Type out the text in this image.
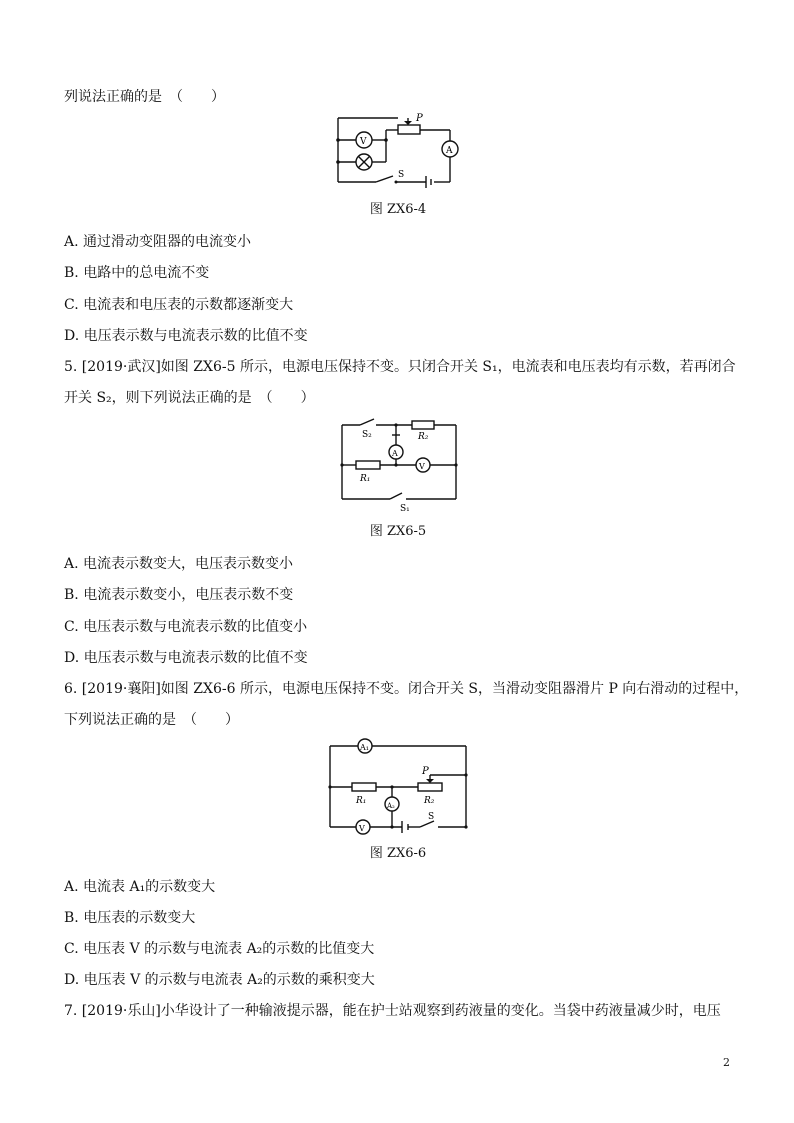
列说法正确的是　（　　）
P
V
A
S
图 ZX6-4
A. 通过滑动变阻器的电流变小
B. 电路中的总电流不变
C. 电流表和电压表的示数都逐渐变大
D. 电压表示数与电流表示数的比值不变
5. [2019·武汉]如图 ZX6-5 所示，电源电压保持不变。只闭合开关 S₁，电流表和电压表均有示数，若再闭合
开关 S₂，则下列说法正确的是　（　　）
S₂	R₂
A
V
R₁
S₁
图 ZX6-5
A. 电流表示数变大，电压表示数变小
B. 电流表示数变小，电压表示数不变
C. 电压表示数与电流表示数的比值变小
D. 电压表示数与电流表示数的比值不变
6. [2019·襄阳]如图 ZX6-6 所示，电源电压保持不变。闭合开关 S，当滑动变阻器滑片 P 向右滑动的过程中，
下列说法正确的是　（　　）
A₁
P
R₁	R₂
A₂
V
S
图 ZX6-6
A. 电流表 A₁的示数变大
B. 电压表的示数变大
C. 电压表 V 的示数与电流表 A₂的示数的比值变大
D. 电压表 V 的示数与电流表 A₂的示数的乘积变大
7. [2019·乐山]小华设计了一种输液提示器，能在护士站观察到药液量的变化。当袋中药液量减少时，电压
2
